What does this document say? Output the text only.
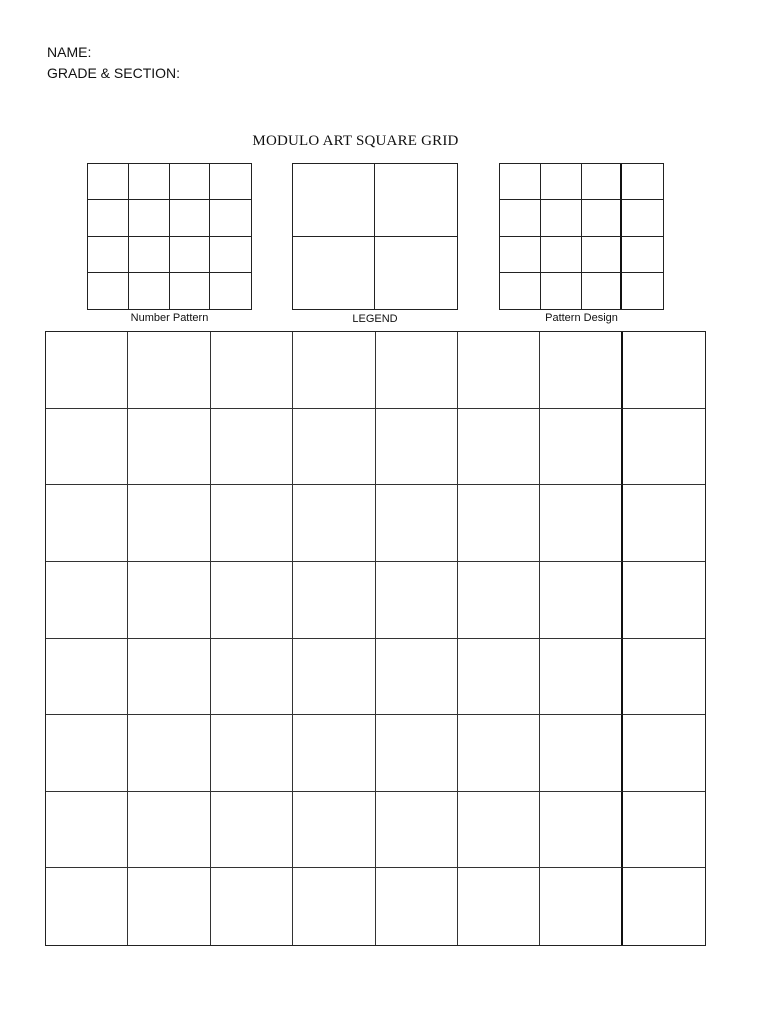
NAME:
GRADE & SECTION:
MODULO ART SQUARE GRID
Number Pattern	LEGEND	Pattern Design
